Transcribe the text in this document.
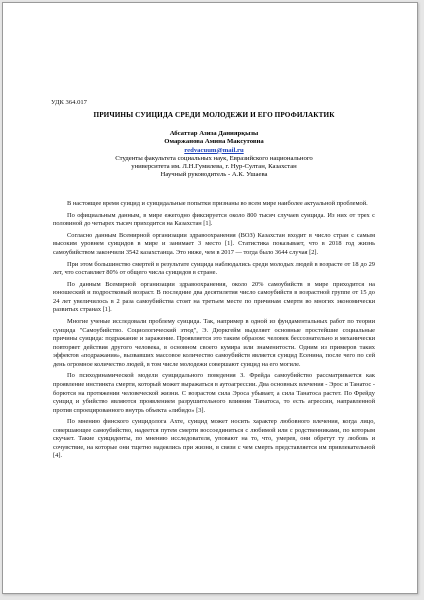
УДК 364.017
ПРИЧИНЫ СУИЦИДА СРЕДИ МОЛОДЕЖИ И ЕГО ПРОФИЛАКТИК
Абсаттар Азиза Даниярқызы
Омаржанова Амина Максутовна
redvacuum@mail.ru
Студенты факультета социальных наук, Евразийского национального
университета им. Л.Н.Гумилева, г. Нур-Султан, Казахстан
Научный руководитель - А.К. Ушаева

В настоящее время суицид и суицидальные попытки признаны во всем мире наиболее актуальной проблемой.

По официальным данным, в мире ежегодно фиксируется около 800 тысяч случаев суицида. Из них от трех с половиной до четырех тысяч приходится на Казахстан [1].

Согласно данным Всемирной организации здравоохранения (ВОЗ) Казахстан входит в число стран с самым высоким уровнем суицидов в мире и занимает 3 место [1]. Статистика показывает, что в 2018 год жизнь самоубийством закончили 3542 казахстанца. Это ниже, чем в 2017 — тогда было 3644 случая [2].

При этом большинство смертей в результате суицида наблюдались среди молодых людей в возрасте от 18 до 29 лет, что составляет 80% от общего числа суицидов в стране.

По данным Всемирной организации здравоохранения, около 20% самоубийств в мире приходится на юношеский и подростковый возраст. В последние два десятилетия число самоубийств в возрастной группе от 15 до 24 лет увеличилось в 2 раза самоубийства стоят на третьем месте по причинам смерти во многих экономически развитых странах [1].

Многие ученые исследовали проблему суицида. Так, например в одной из фундаментальных работ по теории суицида "Самоубийство. Социологический этюд", Э. Дюркгейм выделяет основные простейшие социальные причины суицида: подражание и заражение. Проявляется это таким образом: человек бессознательно и механически повторяет действия другого человека, в основном своего кумира или знаменитости. Одним из примеров таких эффектов «подражания», вызвавших массовое количество самоубийств является суицид Есенина, после чего по сей день огромное количество людей, в том числе молодежи совершают суицид на его могиле.

По психодинамической модели суицидального поведения З. Фрейда самоубийство рассматривается как проявление инстинкта смерти, который может выражаться в аутоагрессии. Два основных влечения - Эрос и Танатос - борются на протяжении человеческой жизни. С возрастом сила Эроса убывает, а сила Танатоса растет. По Фрейду суицид и убийство являются проявлением разрушительного влияния Танатоса, то есть агрессии, направленной против спроецированного внутрь объекта «либидо» [3].

По мнению финского суицидолога Ахте, суицид может носить характер любовного влечения, когда лицо, совершающее самоубийство, надеется путем смерти воссоединиться с любимой или с родственниками, по которым скучает. Такие суициденты, по мнению исследователя, уповают на то, что, умерев, они обретут ту любовь и сочувствие, на которые они тщетно надеялись при жизни, в связи с чем смерть представляется им привлекательной [4].
